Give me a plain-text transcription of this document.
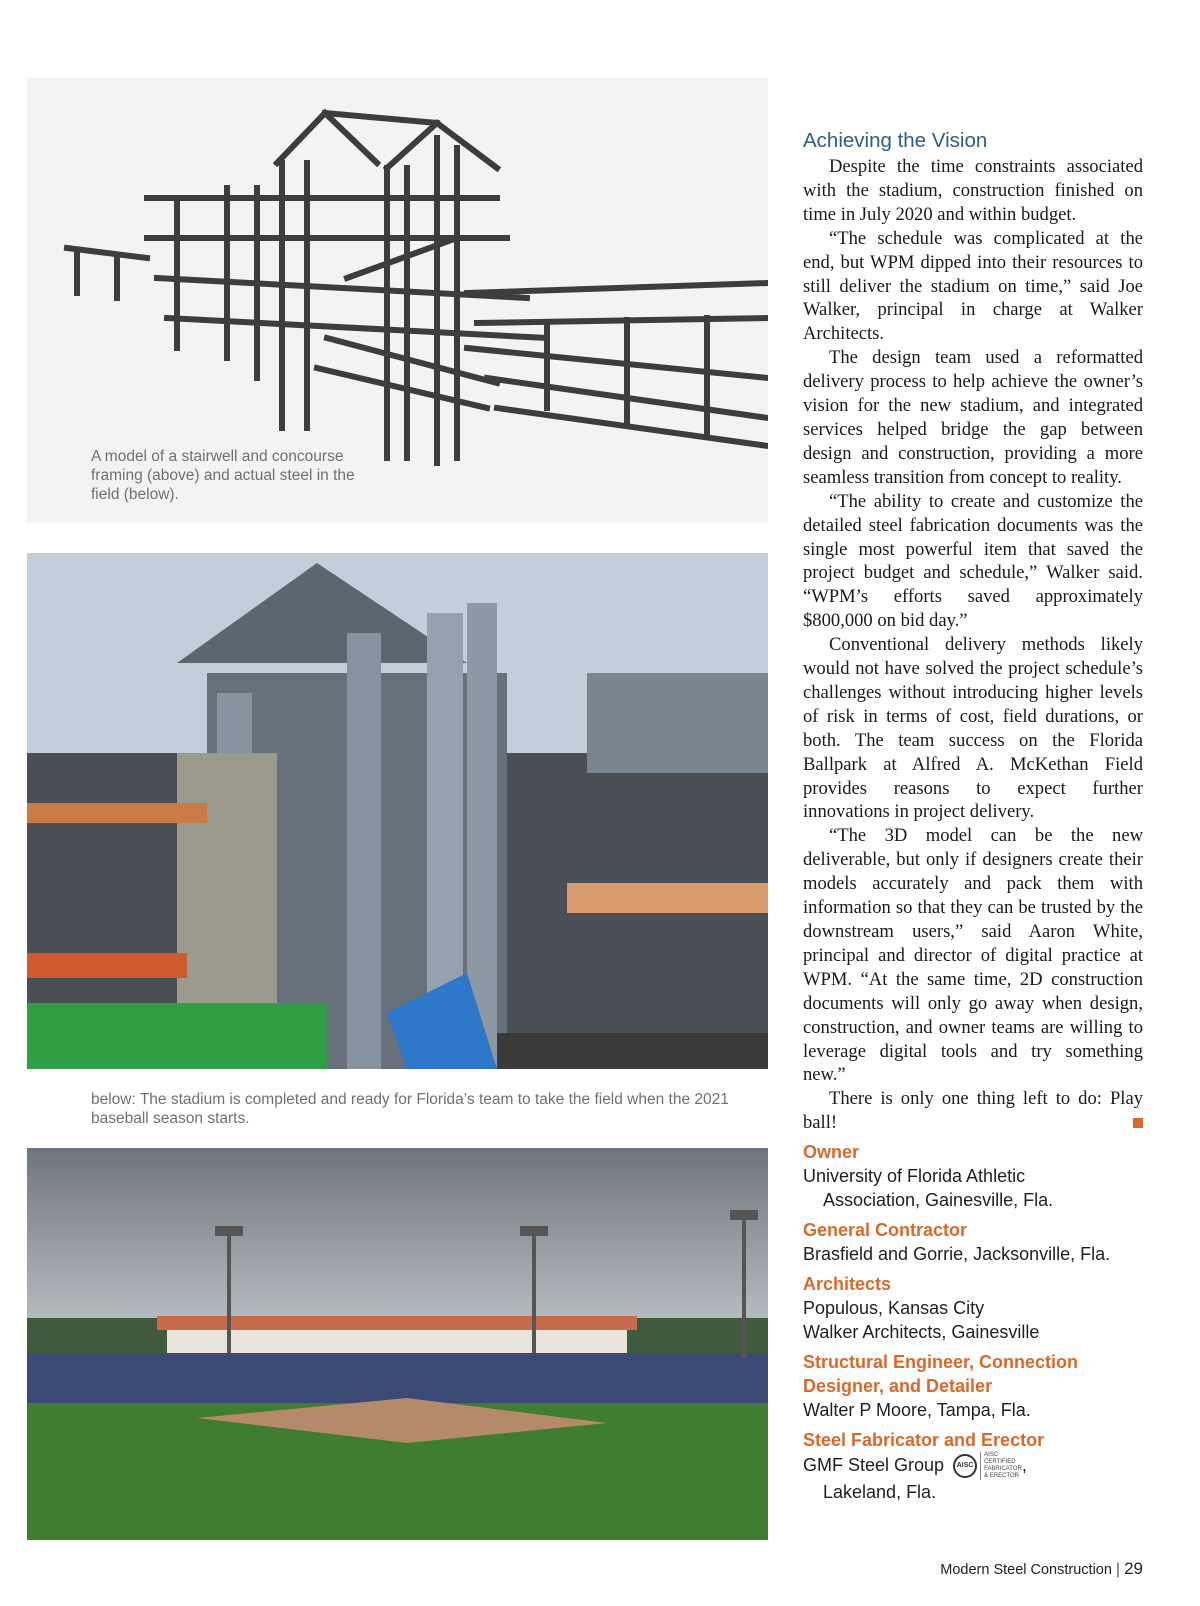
A model of a stairwell and concourse framing (above) and actual steel in the field (below).

below: The stadium is completed and ready for Florida’s team to take the field when the 2021 baseball season starts.

Achieving the Vision

Despite the time constraints associated with the stadium, construction finished on time in July 2020 and within budget.

“The schedule was complicated at the end, but WPM dipped into their resources to still deliver the stadium on time,” said Joe Walker, principal in charge at Walker Architects.

The design team used a reformatted delivery process to help achieve the owner’s vision for the new stadium, and integrated services helped bridge the gap between design and construction, providing a more seamless transition from concept to reality.

“The ability to create and customize the detailed steel fabrication documents was the single most powerful item that saved the project budget and schedule,” Walker said. “WPM’s efforts saved approximately $800,000 on bid day.”

Conventional delivery methods likely would not have solved the project schedule’s challenges without introducing higher levels of risk in terms of cost, field durations, or both. The team success on the Florida Ballpark at Alfred A. McKethan Field provides reasons to expect further innovations in project delivery.

“The 3D model can be the new deliverable, but only if designers create their models accurately and pack them with information so that they can be trusted by the downstream users,” said Aaron White, principal and director of digital practice at WPM. “At the same time, 2D construction documents will only go away when design, construction, and owner teams are willing to leverage digital tools and try something new.”

There is only one thing left to do: Play ball!

Owner

University of Florida Athletic

Association, Gainesville, Fla.

General Contractor

Brasfield and Gorrie, Jacksonville, Fla.

Architects

Populous, Kansas City

Walker Architects, Gainesville

Structural Engineer, Connection

Designer, and Detailer

Walter P Moore, Tampa, Fla.

Steel Fabricator and Erector

GMF Steel Group	AISC
AISC
CERTIFIED
FABRICATOR
& ERECTOR
,

Lakeland, Fla.

Modern Steel Construction | 29
